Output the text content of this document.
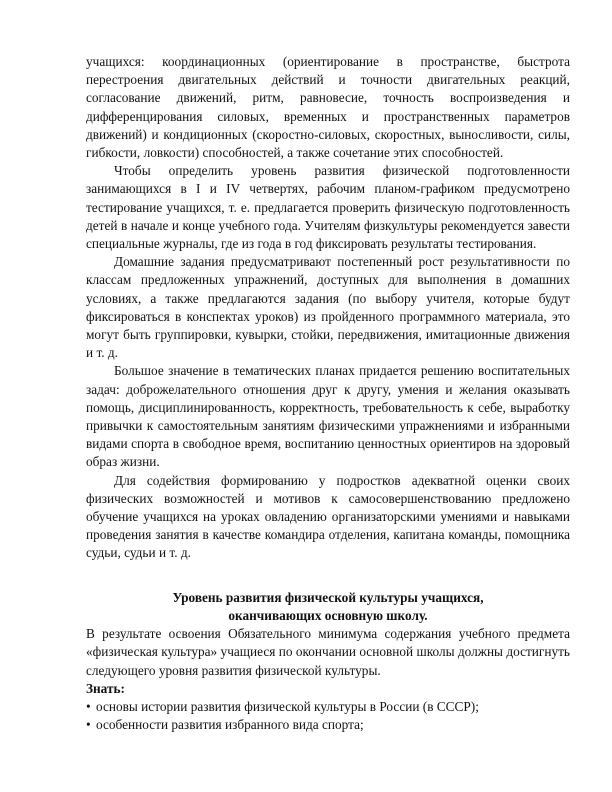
учащихся: координационных (ориентирование в пространстве, быстрота перестроения двигательных действий и точности двигательных реакций, согласование движений, ритм, равновесие, точность воспроизведения и дифференцирования силовых, временных и пространственных параметров движений) и кондиционных (скоростно-силовых, скоростных, выносливости, силы, гибкости, ловкости) способностей, а также сочетание этих способностей.

Чтобы определить уровень развития физической подготовленности занимающихся в I и IV четвертях, рабочим планом-графиком предусмотрено тестирование учащихся, т. е. предлагается проверить физическую подготовленность детей в начале и конце учебного года. Учителям физкультуры рекомендуется завести специальные журналы, где из года в год фиксировать результаты тестирования.

Домашние задания предусматривают постепенный рост результативности по классам предложенных упражнений, доступных для выполнения в домашних условиях, а также предлагаются задания (по выбору учителя, которые будут фиксироваться в конспектах уроков) из пройденного программного материала, это могут быть группировки, кувырки, стойки, передвижения, имитационные движения и т. д.

Большое значение в тематических планах придается решению воспитательных задач: доброжелательного отношения друг к другу, умения и желания оказывать помощь, дисциплинированность, корректность, требовательность к себе, выработку привычки к самостоятельным занятиям физическими упражнениями и избранными видами спорта в свободное время, воспитанию ценностных ориентиров на здоровый образ жизни.

Для содействия формированию у подростков адекватной оценки своих физических возможностей и мотивов к самосовершенствованию предложено обучение учащихся на уроках овладению организаторскими умениями и навыками проведения занятия в качестве командира отделения, капитана команды, помощника судьи, судьи и т. д.

Уровень развития физической культуры учащихся, оканчивающих основную школу.

В результате освоения Обязательного минимума содержания учебного предмета «физическая культура» учащиеся по окончании основной школы должны достигнуть следующего уровня развития физической культуры.

Знать:

• основы истории развития физической культуры в России (в СССР);
• особенности развития избранного вида спорта;
